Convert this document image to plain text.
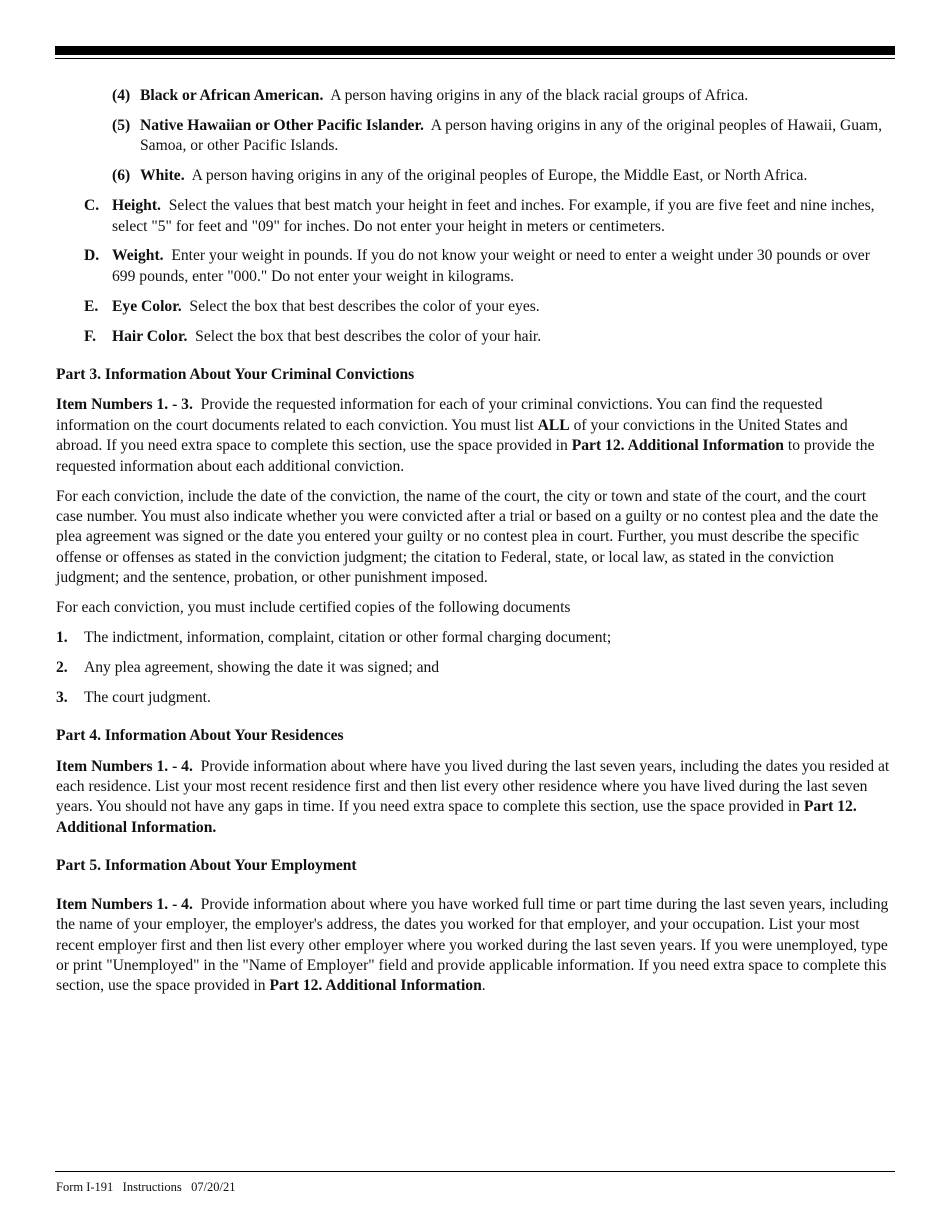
(4) Black or African American. A person having origins in any of the black racial groups of Africa.
(5) Native Hawaiian or Other Pacific Islander. A person having origins in any of the original peoples of Hawaii, Guam, Samoa, or other Pacific Islands.
(6) White. A person having origins in any of the original peoples of Europe, the Middle East, or North Africa.
C. Height. Select the values that best match your height in feet and inches. For example, if you are five feet and nine inches, select "5" for feet and "09" for inches. Do not enter your height in meters or centimeters.
D. Weight. Enter your weight in pounds. If you do not know your weight or need to enter a weight under 30 pounds or over 699 pounds, enter "000." Do not enter your weight in kilograms.
E. Eye Color. Select the box that best describes the color of your eyes.
F. Hair Color. Select the box that best describes the color of your hair.

Part 3. Information About Your Criminal Convictions

Item Numbers 1. - 3. Provide the requested information for each of your criminal convictions. You can find the requested information on the court documents related to each conviction. You must list ALL of your convictions in the United States and abroad. If you need extra space to complete this section, use the space provided in Part 12. Additional Information to provide the requested information about each additional conviction.

For each conviction, include the date of the conviction, the name of the court, the city or town and state of the court, and the court case number. You must also indicate whether you were convicted after a trial or based on a guilty or no contest plea and the date the plea agreement was signed or the date you entered your guilty or no contest plea in court. Further, you must describe the specific offense or offenses as stated in the conviction judgment; the citation to Federal, state, or local law, as stated in the conviction judgment; and the sentence, probation, or other punishment imposed.

For each conviction, you must include certified copies of the following documents

1. The indictment, information, complaint, citation or other formal charging document;
2. Any plea agreement, showing the date it was signed; and
3. The court judgment.

Part 4. Information About Your Residences

Item Numbers 1. - 4. Provide information about where have you lived during the last seven years, including the dates you resided at each residence. List your most recent residence first and then list every other residence where you have lived during the last seven years. You should not have any gaps in time. If you need extra space to complete this section, use the space provided in Part 12. Additional Information.

Part 5. Information About Your Employment

Item Numbers 1. - 4. Provide information about where you have worked full time or part time during the last seven years, including the name of your employer, the employer's address, the dates you worked for that employer, and your occupation. List your most recent employer first and then list every other employer where you worked during the last seven years. If you were unemployed, type or print "Unemployed" in the "Name of Employer" field and provide applicable information. If you need extra space to complete this section, use the space provided in Part 12. Additional Information.

Form I-191 Instructions 07/20/21
